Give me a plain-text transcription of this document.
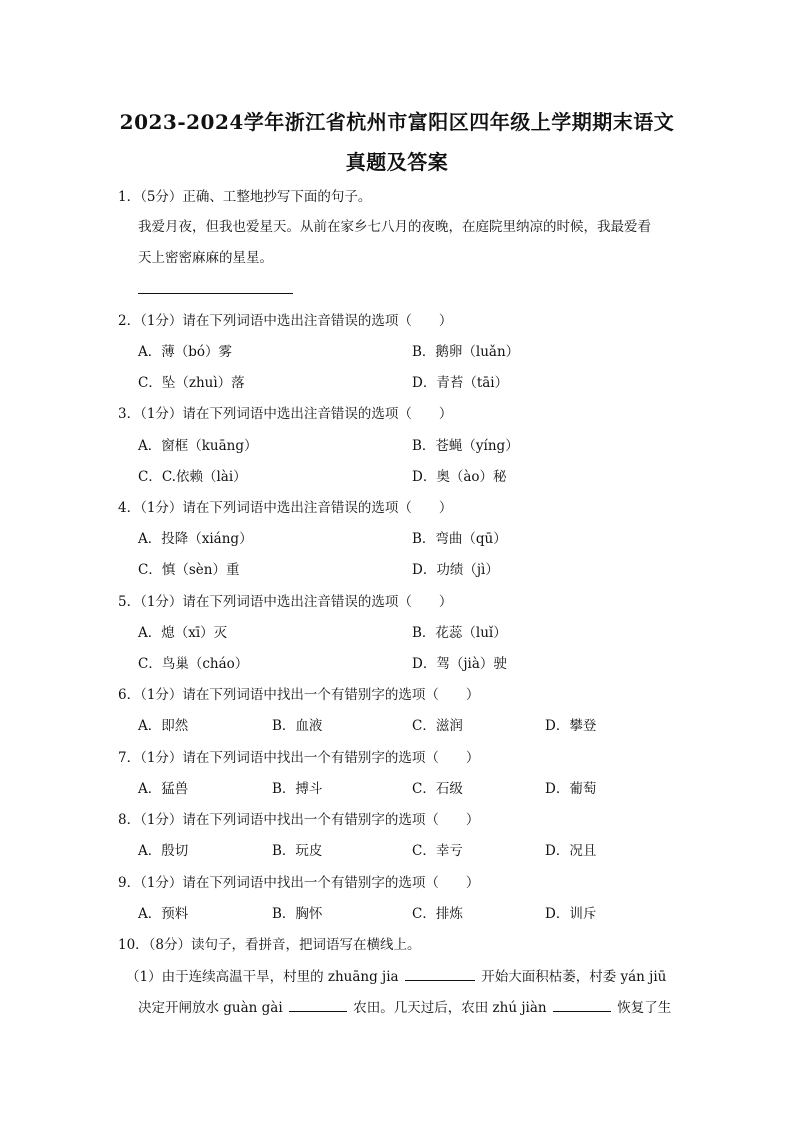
2023-2024学年浙江省杭州市富阳区四年级上学期期末语文
真题及答案
1．（5分）正确、工整地抄写下面的句子。
我爱月夜，但我也爱星天。从前在家乡七八月的夜晚，在庭院里纳凉的时候，我最爱看
天上密密麻麻的星星。
2．（1分）请在下列词语中选出注音错误的选项（　　）
A．薄（bó）雾	B．鹅卵（luǎn）
C．坠（zhuì）落	D．青苔（tāi）
3．（1分）请在下列词语中选出注音错误的选项（　　）
A．窗框（kuāng）	B．苍蝇（yíng）
C．C.依赖（lài）	D．奥（ào）秘
4．（1分）请在下列词语中选出注音错误的选项（　　）
A．投降（xiáng）	B．弯曲（qū）
C．慎（sèn）重	D．功绩（jì）
5．（1分）请在下列词语中选出注音错误的选项（　　）
A．熄（xī）灭	B．花蕊（luǐ）
C．鸟巢（cháo）	D．驾（jià）驶
6．（1分）请在下列词语中找出一个有错别字的选项（　　）
A．即然	B．血液	C．滋润	D．攀登
7．（1分）请在下列词语中找出一个有错别字的选项（　　）
A．猛兽	B．搏斗	C．石级	D．葡萄
8．（1分）请在下列词语中找出一个有错别字的选项（　　）
A．殷切	B．玩皮	C．幸亏	D．况且
9．（1分）请在下列词语中找出一个有错别字的选项（　　）
A．预料	B．胸怀	C．排炼	D．训斥
10．（8分）读句子，看拼音，把词语写在横线上。
（1）由于连续高温干旱，村里的 zhuāng jia	开始大面积枯萎，村委 yán jiū
决定开闸放水 guàn gài	农田。几天过后，农田 zhú jiàn	恢复了生
